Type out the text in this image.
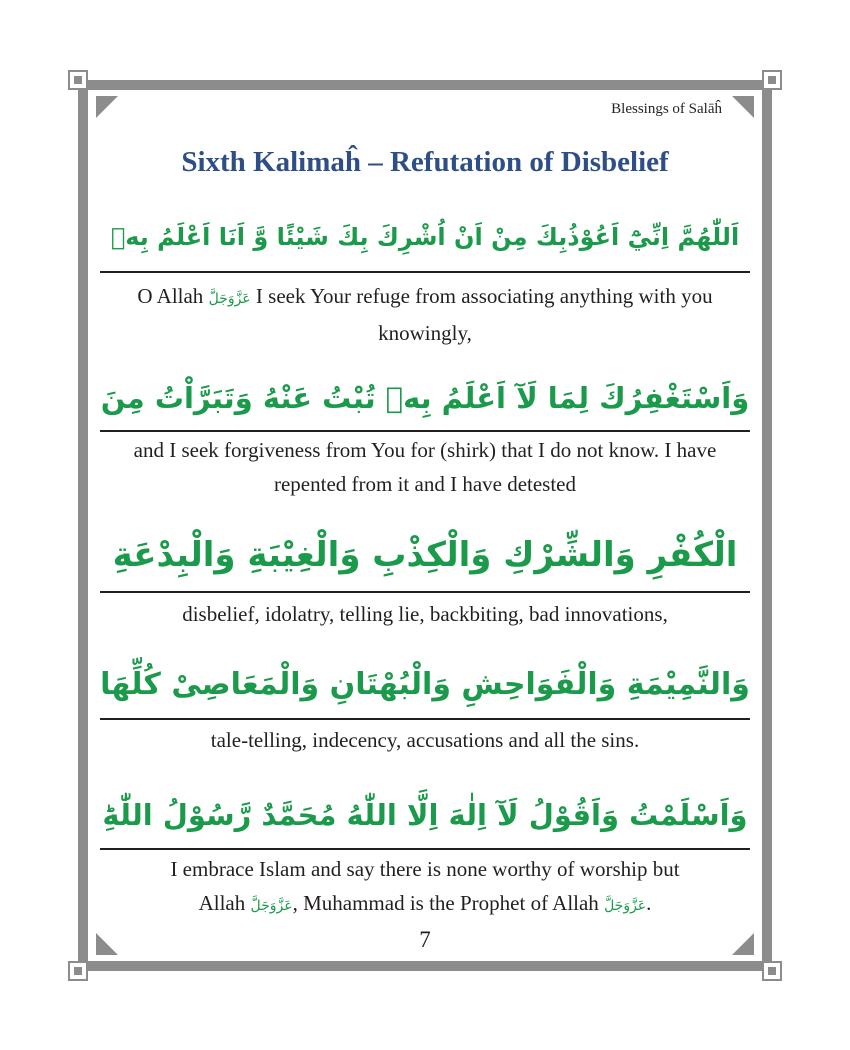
Blessings of Salāĥ
Sixth Kalimaĥ – Refutation of Disbelief
اَللّٰهُمَّ اِنِّيْٓ اَعُوْذُبِكَ مِنْ اَنْ اُشْرِكَ بِكَ شَيْئًا وَّ اَنَا اَعْلَمُ بِهٖ
O Allah عَزَّوَجَلَّ I seek Your refuge from associating anything with you knowingly,
وَاَسْتَغْفِرُكَ لِمَا لَآ اَعْلَمُ بِهٖ تُبْتُ عَنْهُ وَتَبَرَّاْتُ مِنَ
and I seek forgiveness from You for (shirk) that I do not know. I have repented from it and I have detested
الْكُفْرِ وَالشِّرْكِ وَالْكِذْبِ وَالْغِيْبَةِ وَالْبِدْعَةِ
disbelief, idolatry, telling lie, backbiting, bad innovations,
وَالنَّمِيْمَةِ وَالْفَوَاحِشِ وَالْبُهْتَانِ وَالْمَعَاصِىْ كُلِّهَا
tale-telling, indecency, accusations and all the sins.
وَاَسْلَمْتُ وَاَقُوْلُ لَآ اِلٰهَ اِلَّا اللّٰهُ مُحَمَّدٌ رَّسُوْلُ اللّٰهِؕ
I embrace Islam and say there is none worthy of worship but
Allah عَزَّوَجَلَّ, Muhammad is the Prophet of Allah عَزَّوَجَلَّ.
7
